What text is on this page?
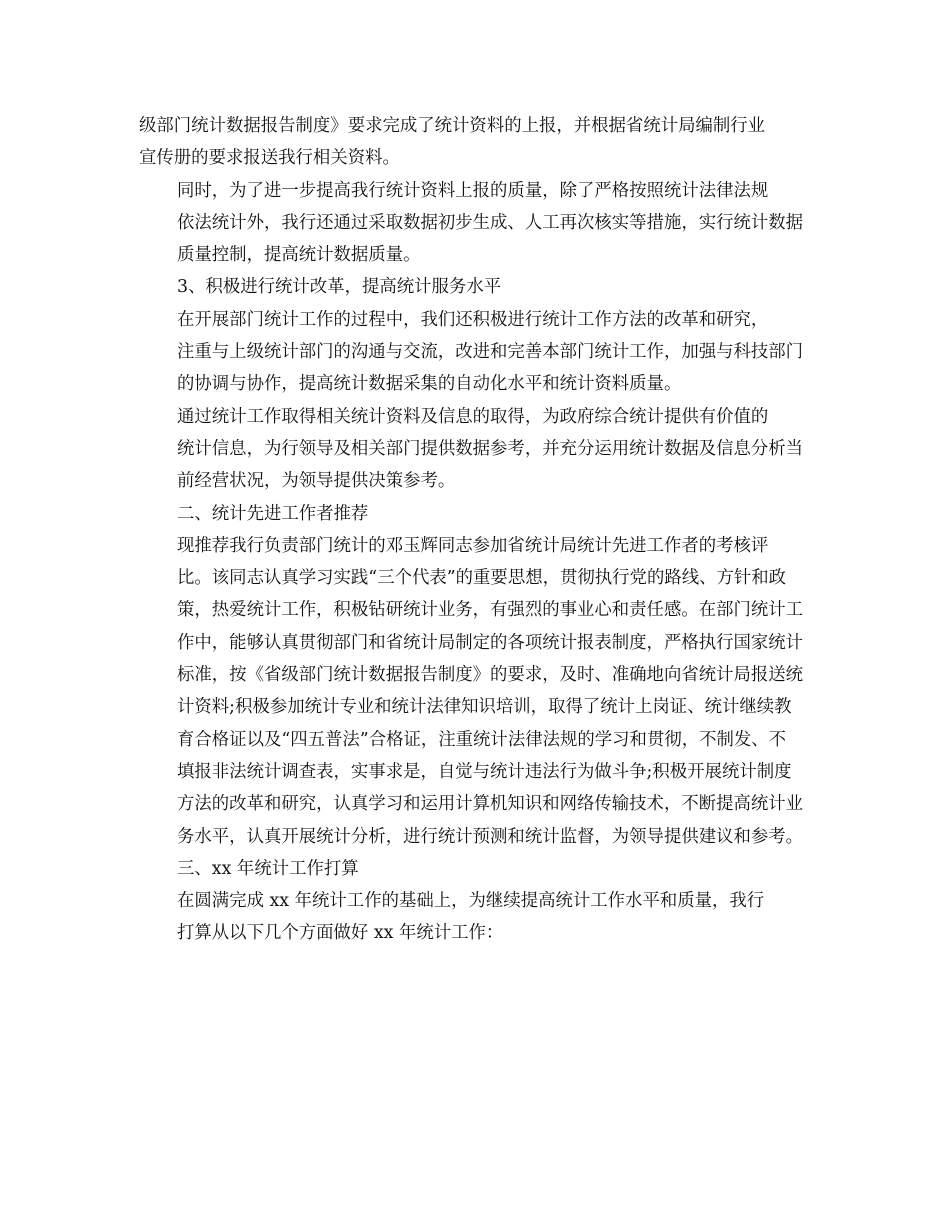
级部门统计数据报告制度》要求完成了统计资料的上报，并根据省统计局编制行业
宣传册的要求报送我行相关资料。

同时，为了进一步提高我行统计资料上报的质量，除了严格按照统计法律法规
依法统计外，我行还通过采取数据初步生成、人工再次核实等措施，实行统计数据
质量控制，提高统计数据质量。

3、积极进行统计改革，提高统计服务水平

在开展部门统计工作的过程中，我们还积极进行统计工作方法的改革和研究，
注重与上级统计部门的沟通与交流，改进和完善本部门统计工作，加强与科技部门
的协调与协作，提高统计数据采集的自动化水平和统计资料质量。

通过统计工作取得相关统计资料及信息的取得，为政府综合统计提供有价值的
统计信息，为行领导及相关部门提供数据参考，并充分运用统计数据及信息分析当
前经营状况，为领导提供决策参考。

二、统计先进工作者推荐

现推荐我行负责部门统计的邓玉辉同志参加省统计局统计先进工作者的考核评
比。该同志认真学习实践“三个代表”的重要思想，贯彻执行党的路线、方针和政
策，热爱统计工作，积极钻研统计业务，有强烈的事业心和责任感。在部门统计工
作中，能够认真贯彻部门和省统计局制定的各项统计报表制度，严格执行国家统计
标准，按《省级部门统计数据报告制度》的要求，及时、准确地向省统计局报送统
计资料;积极参加统计专业和统计法律知识培训，取得了统计上岗证、统计继续教
育合格证以及“四五普法”合格证，注重统计法律法规的学习和贯彻，不制发、不
填报非法统计调查表，实事求是，自觉与统计违法行为做斗争;积极开展统计制度
方法的改革和研究，认真学习和运用计算机知识和网络传输技术，不断提高统计业
务水平，认真开展统计分析，进行统计预测和统计监督，为领导提供建议和参考。

三、xx 年统计工作打算

在圆满完成 xx 年统计工作的基础上，为继续提高统计工作水平和质量，我行
打算从以下几个方面做好 xx 年统计工作：
